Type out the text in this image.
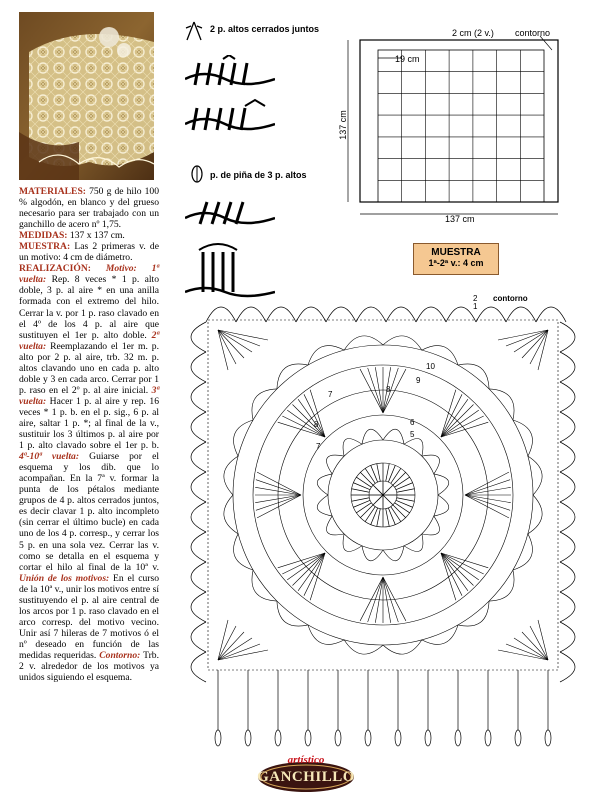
MATERIALES: 750 g de hilo 100 % algodón, en blanco y del grueso necesario para ser trabajado con un ganchillo de acero nº 1,75.

MEDIDAS: 137 x 137 cm.

MUESTRA: Las 2 primeras v. de un motivo: 4 cm de diámetro.

REALIZACIÓN: Motivo: 1ª vuelta: Rep. 8 veces * 1 p. alto doble, 3 p. al aire * en una anilla formada con el extremo del hilo. Cerrar la v. por 1 p. raso clavado en el 4º de los 4 p. al aire que sustituyen el 1er p. alto doble. 2ª vuelta: Reemplazando el 1er m. p. alto por 2 p. al aire, trb. 32 m. p. altos clavando uno en cada p. alto doble y 3 en cada arco. Cerrar por 1 p. raso en el 2º p. al aire inicial. 3ª vuelta: Hacer 1 p. al aire y rep. 16 veces * 1 p. b. en el p. sig., 6 p. al aire, saltar 1 p. *; al final de la v., sustituir los 3 últimos p. al aire por 1 p. alto clavado sobre el 1er p. b. 4ª-10ª vuelta: Guiarse por el esquema y los dib. que lo acompañan. En la 7ª v. formar la punta de los pétalos mediante grupos de 4 p. altos cerrados juntos, es decir clavar 1 p. alto incompleto (sin cerrar el último bucle) en cada uno de los 4 p. corresp., y cerrar los 5 p. en una sola vez. Cerrar las v. como se detalla en el esquema y cortar el hilo al final de la 10ª v. Unión de los motivos: En el curso de la 10ª v., unir los motivos entre sí sustituyendo el p. al aire central de los arcos por 1 p. raso clavado en el arco corresp. del motivo vecino. Unir así 7 hileras de 7 motivos ó el nº deseado en función de las medidas requeridas. Contorno: Trb. 2 v. alrededor de los motivos ya unidos siguiendo el esquema.

2 p. altos cerrados juntos
p. de piña de 3 p. altos
2 cm (2 v.) contorno
19 cm
137 cm
137 cm
MUESTRA
1ª-2ª v.: 4 cm
2
1
contorno
10
9
8
7
8	6
5
7
artístico
GANCHILLO
